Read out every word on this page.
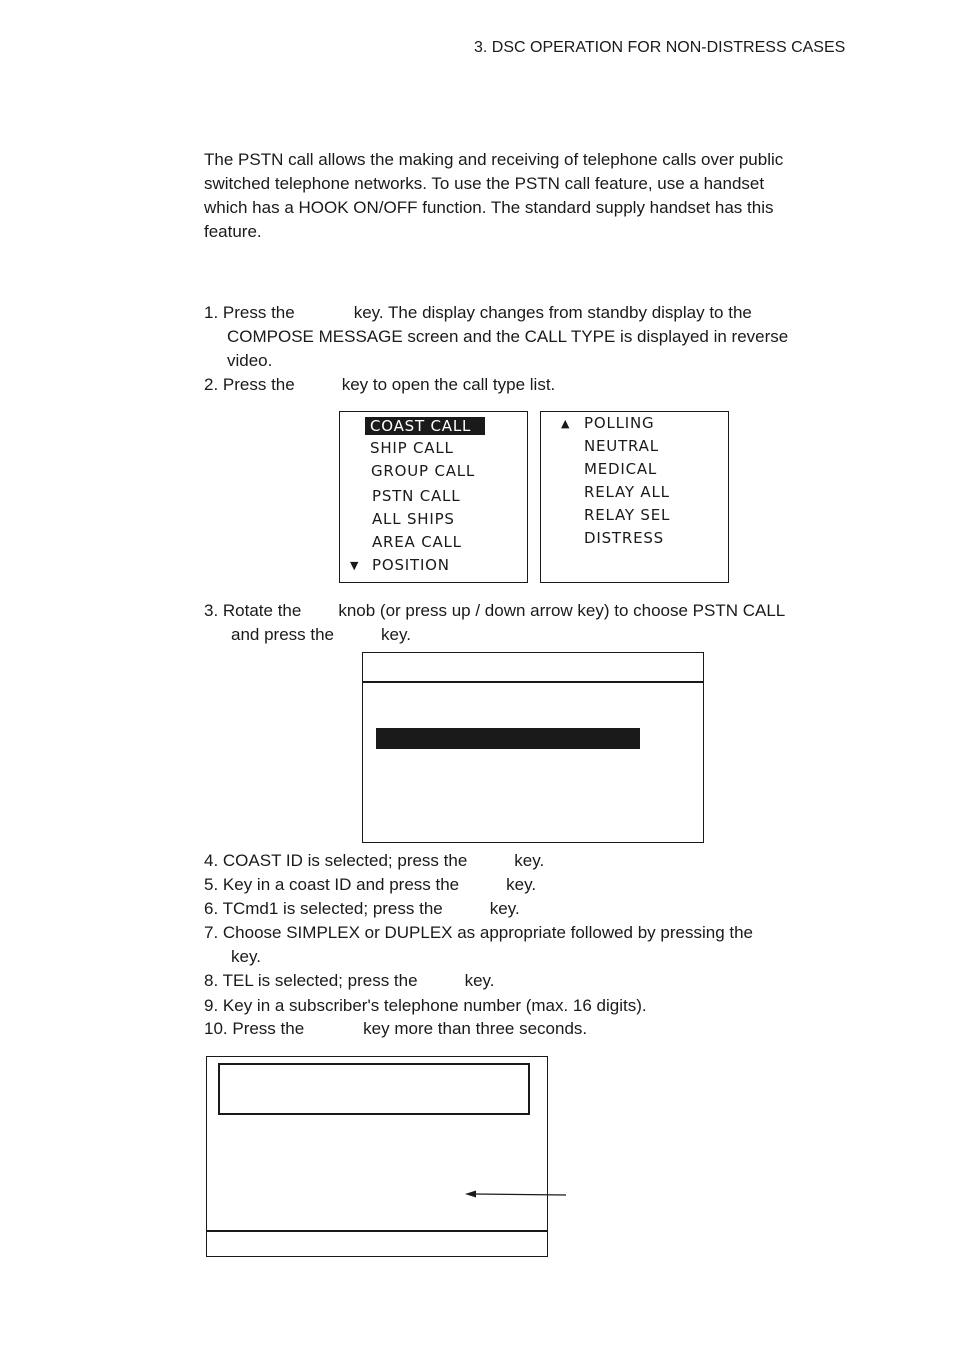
3. DSC OPERATION FOR NON-DISTRESS CASES
The PSTN call allows the making and receiving of telephone calls over public
switched telephone networks. To use the PSTN call feature, use a handset
which has a HOOK ON/OFF function. The standard supply handset has this
feature.
1. Press the	key. The display changes from standby display to the
COMPOSE MESSAGE screen and the CALL TYPE is displayed in reverse
video.
2. Press the	key to open the call type list.
COAST CALL
SHIP CALL
GROUP CALL
PSTN CALL
ALL SHIPS
AREA CALL
▼ POSITION
▲ POLLING
NEUTRAL
MEDICAL
RELAY ALL
RELAY SEL
DISTRESS
3. Rotate the knob (or press up / down arrow key) to choose PSTN CALL
and press the	key.
4. COAST ID is selected; press the	key.
5. Key in a coast ID and press the	key.
6. TCmd1 is selected; press the	key.
7. Choose SIMPLEX or DUPLEX as appropriate followed by pressing the
key.
8. TEL is selected; press the	key.
9. Key in a subscriber's telephone number (max. 16 digits).
10. Press the	key more than three seconds.
